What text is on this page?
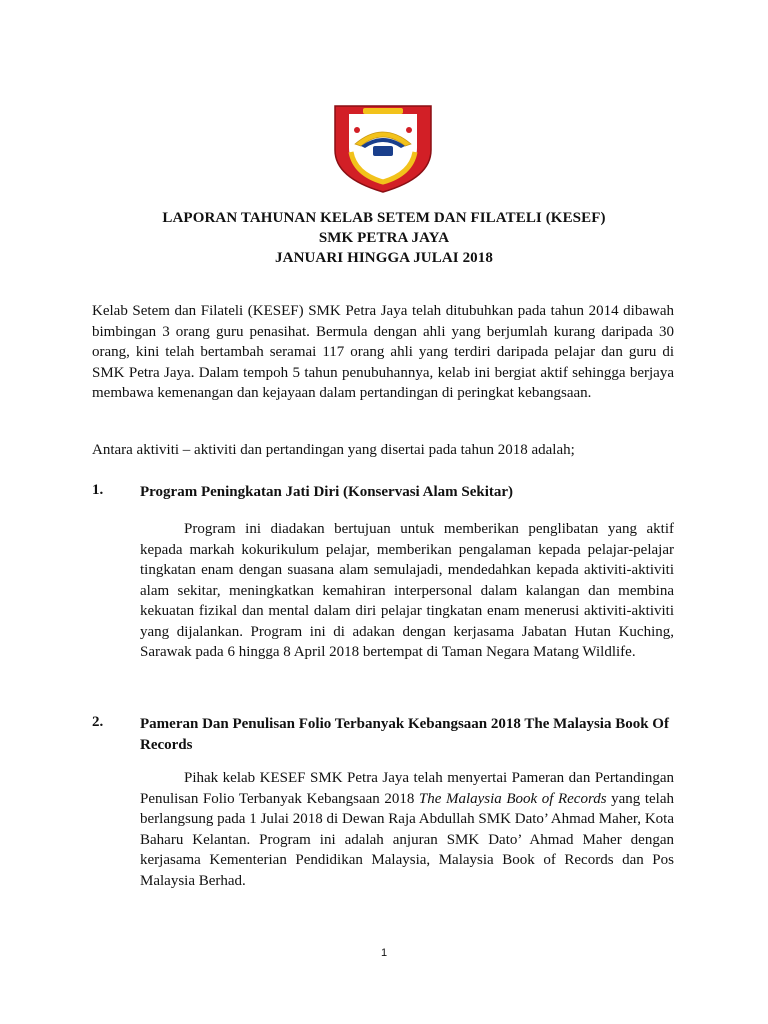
LAPORAN TAHUNAN KELAB SETEM DAN FILATELI (KESEF)
SMK PETRA JAYA
JANUARI HINGGA JULAI 2018
Kelab Setem dan Filateli (KESEF) SMK Petra Jaya telah ditubuhkan pada tahun 2014 dibawah bimbingan 3 orang guru penasihat. Bermula dengan ahli yang berjumlah kurang daripada 30 orang, kini telah bertambah seramai 117 orang ahli yang terdiri daripada pelajar dan guru di SMK Petra Jaya. Dalam tempoh 5 tahun penubuhannya, kelab ini bergiat aktif sehingga berjaya membawa kemenangan dan kejayaan dalam pertandingan di peringkat kebangsaan.
Antara aktiviti – aktiviti dan pertandingan yang disertai pada tahun 2018 adalah;
1. Program Peningkatan Jati Diri (Konservasi Alam Sekitar)
Program ini diadakan bertujuan untuk memberikan penglibatan yang aktif kepada markah kokurikulum pelajar, memberikan pengalaman kepada pelajar-pelajar tingkatan enam dengan suasana alam semulajadi, mendedahkan kepada aktiviti-aktiviti alam sekitar, meningkatkan kemahiran interpersonal dalam kalangan dan membina kekuatan fizikal dan mental dalam diri pelajar tingkatan enam menerusi aktiviti-aktiviti yang dijalankan. Program ini di adakan dengan kerjasama Jabatan Hutan Kuching, Sarawak pada 6 hingga 8 April 2018 bertempat di Taman Negara Matang Wildlife.
2. Pameran Dan Penulisan Folio Terbanyak Kebangsaan 2018 The Malaysia Book Of Records
Pihak kelab KESEF SMK Petra Jaya telah menyertai Pameran dan Pertandingan Penulisan Folio Terbanyak Kebangsaan 2018 The Malaysia Book of Records yang telah berlangsung pada 1 Julai 2018 di Dewan Raja Abdullah SMK Dato’ Ahmad Maher, Kota Baharu Kelantan. Program ini adalah anjuran SMK Dato’ Ahmad Maher dengan kerjasama Kementerian Pendidikan Malaysia, Malaysia Book of Records dan Pos Malaysia Berhad.
1
